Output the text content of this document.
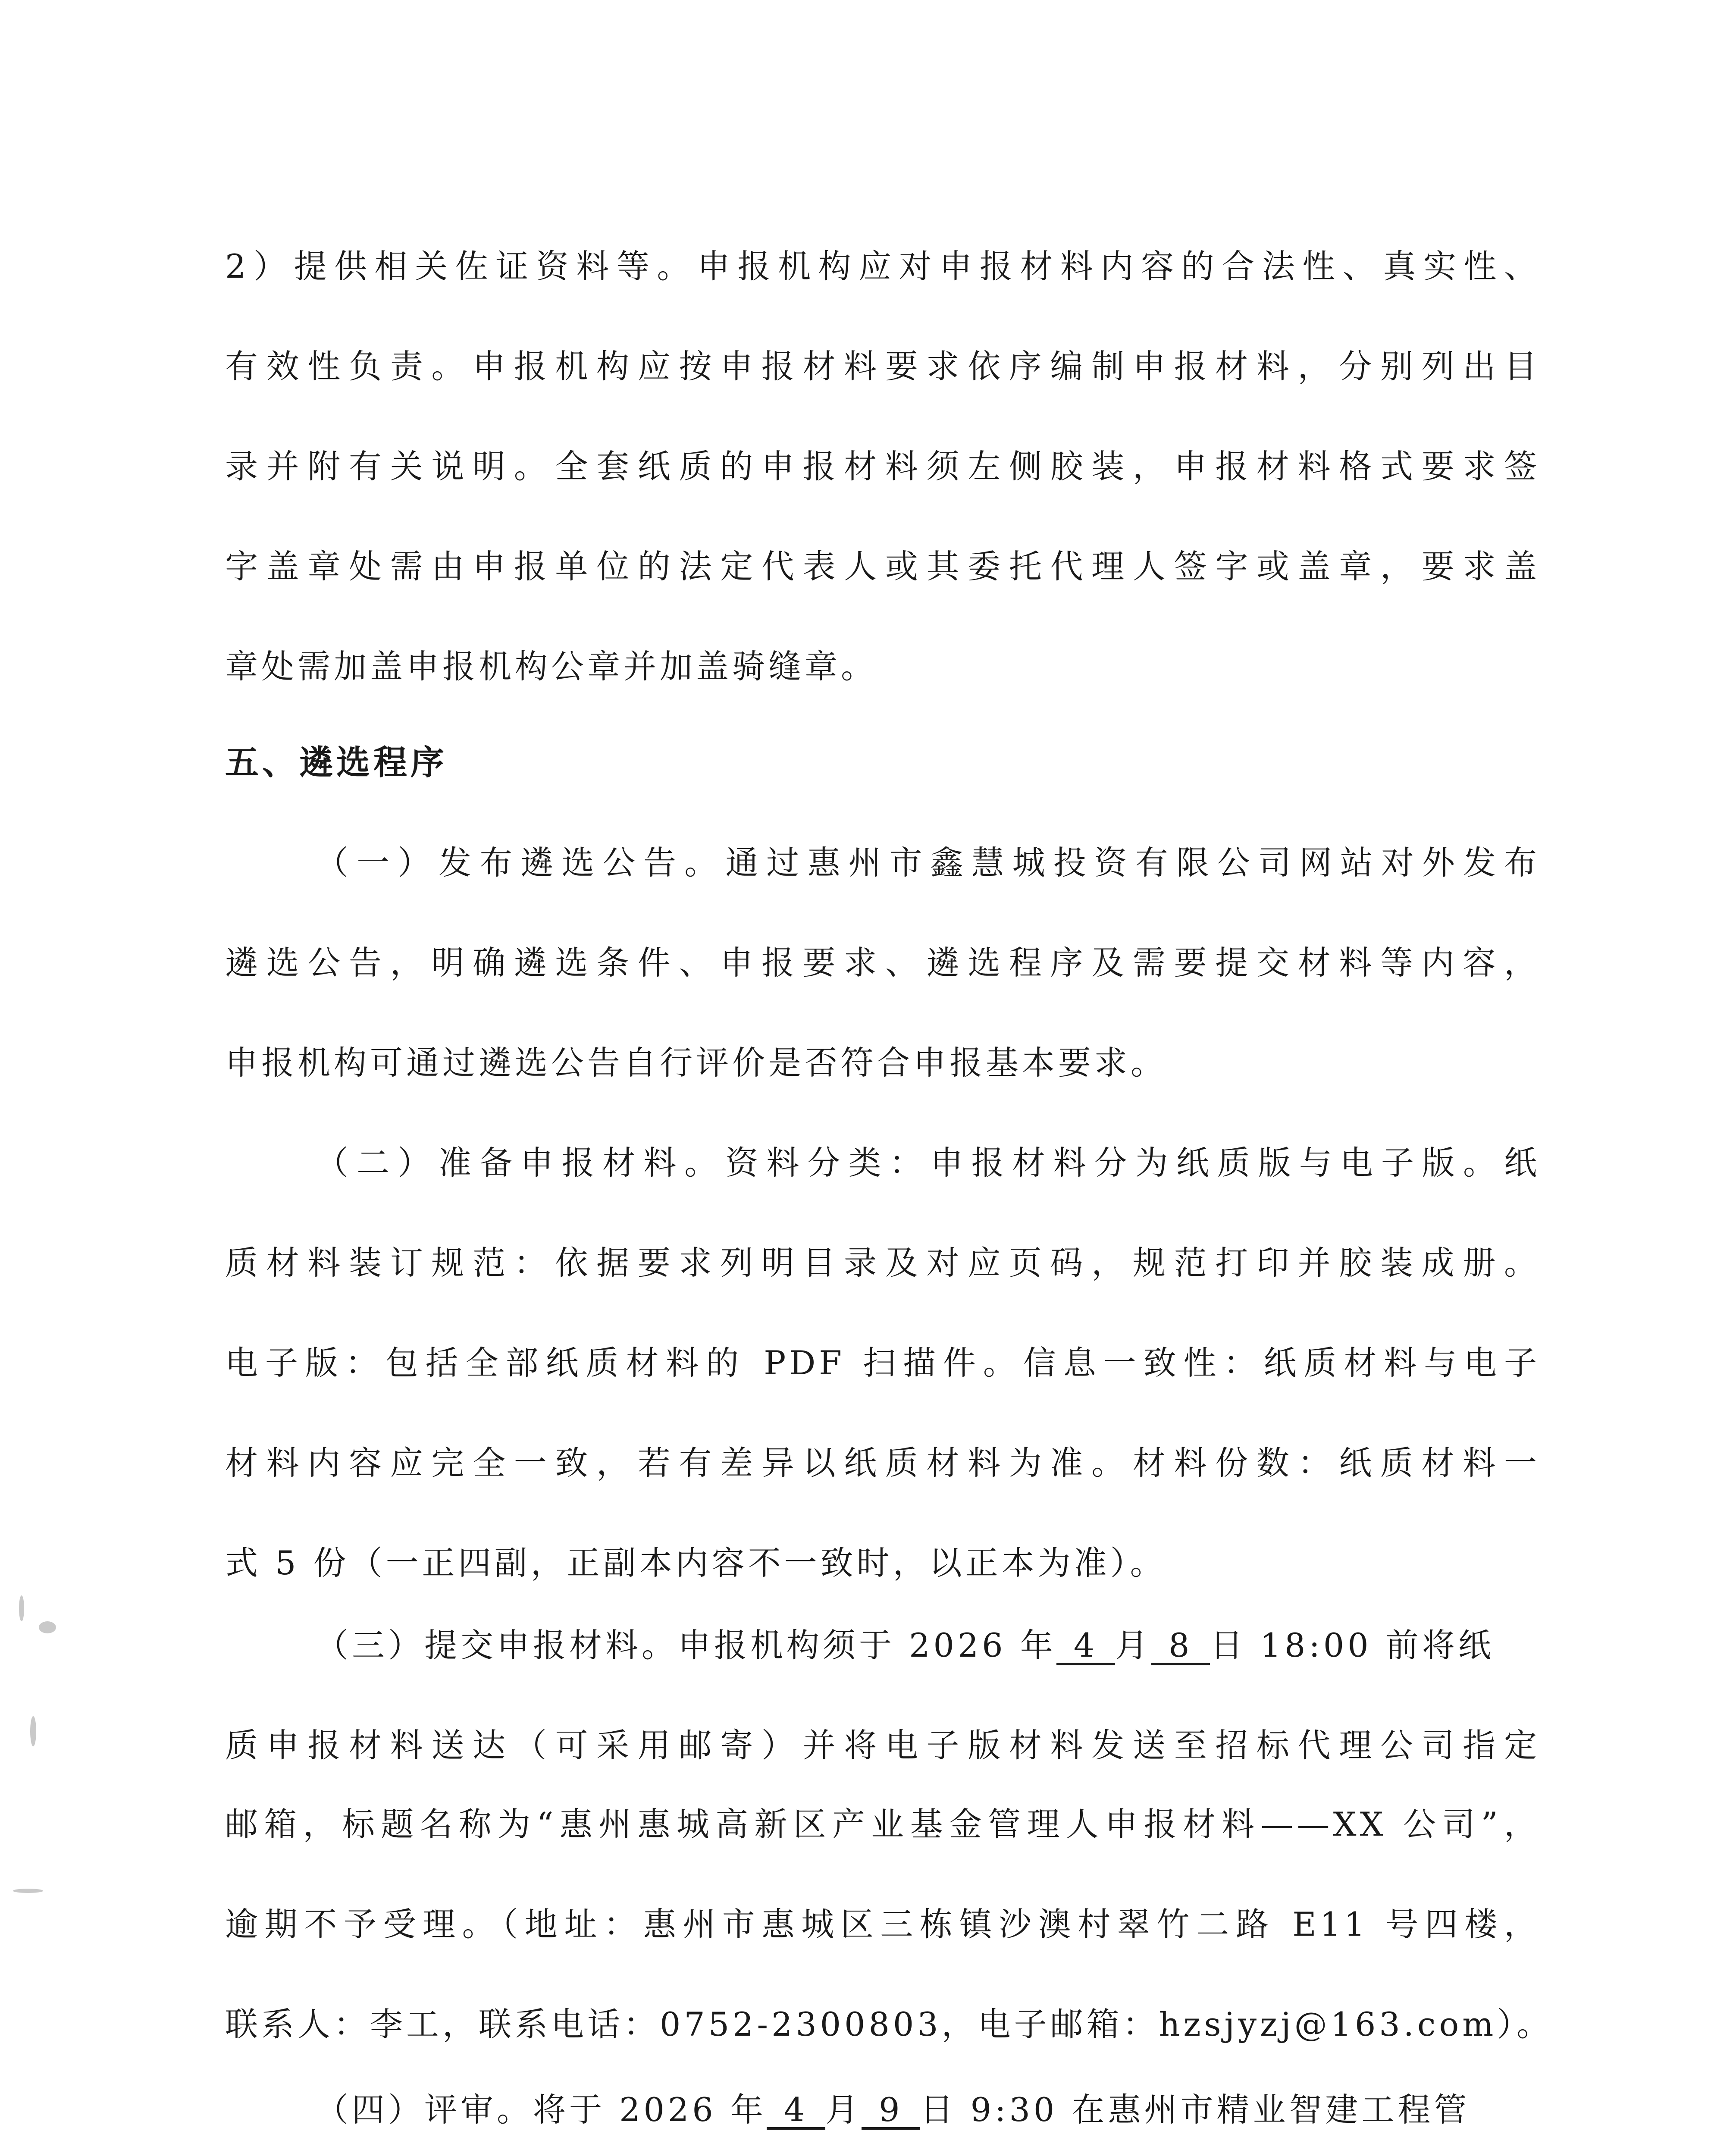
2）提供相关佐证资料等。申报机构应对申报材料内容的合法性、真实性、
有效性负责。申报机构应按申报材料要求依序编制申报材料，分别列出目
录并附有关说明。全套纸质的申报材料须左侧胶装，申报材料格式要求签
字盖章处需由申报单位的法定代表人或其委托代理人签字或盖章，要求盖
章处需加盖申报机构公章并加盖骑缝章。
五、遴选程序
（一）发布遴选公告。通过惠州市鑫慧城投资有限公司网站对外发布
遴选公告，明确遴选条件、申报要求、遴选程序及需要提交材料等内容，
申报机构可通过遴选公告自行评价是否符合申报基本要求。
（二）准备申报材料。资料分类：申报材料分为纸质版与电子版。纸
质材料装订规范：依据要求列明目录及对应页码，规范打印并胶装成册。
电子版：包括全部纸质材料的 PDF 扫描件。信息一致性：纸质材料与电子
材料内容应完全一致，若有差异以纸质材料为准。材料份数：纸质材料一
式 5 份（一正四副，正副本内容不一致时，以正本为准）。
（三）提交申报材料。申报机构须于 2026 年 4 月 8 日 18:00 前将纸
质申报材料送达（可采用邮寄）并将电子版材料发送至招标代理公司指定
邮箱，标题名称为“惠州惠城高新区产业基金管理人申报材料——XX 公司”，
逾期不予受理。（地址：惠州市惠城区三栋镇沙澳村翠竹二路 E11 号四楼，
联系人：李工，联系电话：0752-2300803，电子邮箱：hzsjyzj@163.com）。
（四）评审。将于 2026 年 4 月 9 日 9:30 在惠州市精业智建工程管
